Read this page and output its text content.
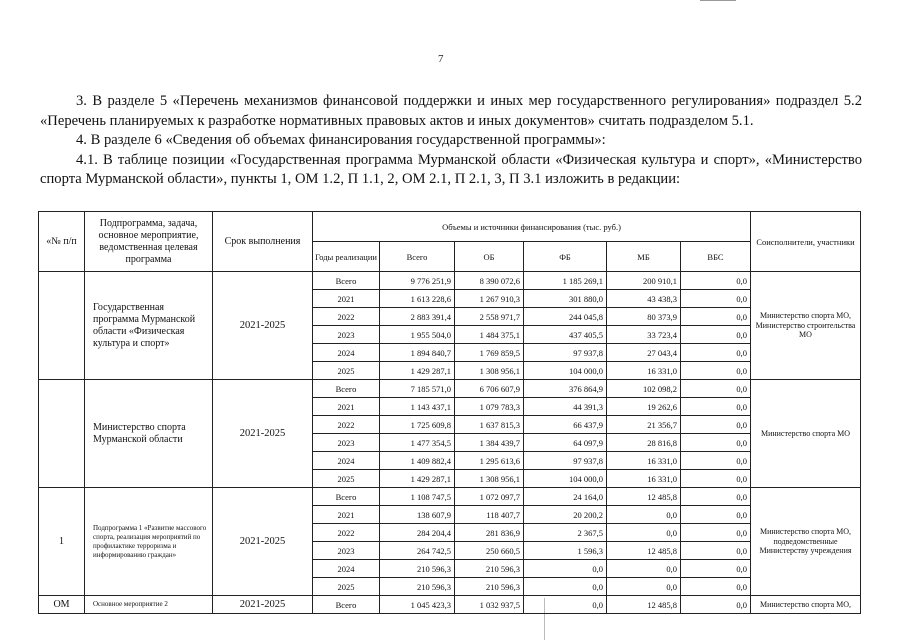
7

3. В разделе 5 «Перечень механизмов финансовой поддержки и иных мер государственного регулирования» подраздел 5.2 «Перечень планируемых к разработке нормативных правовых актов и иных документов» считать подразделом 5.1.

4. В разделе 6 «Сведения об объемах финансирования государственной программы»:

4.1. В таблице позиции «Государственная программа Мурманской области «Физическая культура и спорт», «Министерство спорта Мурманской области», пункты 1, ОМ 1.2, П 1.1, 2, ОМ 2.1, П 2.1, 3, П 3.1 изложить в редакции:

«№ п/п	Подпрограмма, задача, основное мероприятие, ведомственная целевая программа	Срок выполнения	Объемы и источники финансирования (тыс. руб.)						Соисполнители, участники
			Годы реализации	Всего	ОБ	ФБ	МБ	ВБС	
	Государственная программа Мурманской области «Физическая культура и спорт»	2021-2025	Всего	9 776 251,9	8 390 072,6	1 185 269,1	200 910,1	0,0	Министерство спорта МО, Министерство строительства МО
			2021	1 613 228,6	1 267 910,3	301 880,0	43 438,3	0,0	
			2022	2 883 391,4	2 558 971,7	244 045,8	80 373,9	0,0	
			2023	1 955 504,0	1 484 375,1	437 405,5	33 723,4	0,0	
			2024	1 894 840,7	1 769 859,5	97 937,8	27 043,4	0,0	
			2025	1 429 287,1	1 308 956,1	104 000,0	16 331,0	0,0	
	Министерство спорта Мурманской области	2021-2025	Всего	7 185 571,0	6 706 607,9	376 864,9	102 098,2	0,0	Министерство спорта МО
			2021	1 143 437,1	1 079 783,3	44 391,3	19 262,6	0,0	
			2022	1 725 609,8	1 637 815,3	66 437,9	21 356,7	0,0	
			2023	1 477 354,5	1 384 439,7	64 097,9	28 816,8	0,0	
			2024	1 409 882,4	1 295 613,6	97 937,8	16 331,0	0,0	
			2025	1 429 287,1	1 308 956,1	104 000,0	16 331,0	0,0	
1	Подпрограмма 1 «Развитие массового спорта, реализация мероприятий по профилактике терроризма и информированию граждан»	2021-2025	Всего	1 108 747,5	1 072 097,7	24 164,0	12 485,8	0,0	Министерство спорта МО, подведомственные Министерству учреждения
			2021	138 607,9	118 407,7	20 200,2	0,0	0,0	
			2022	284 204,4	281 836,9	2 367,5	0,0	0,0	
			2023	264 742,5	250 660,5	1 596,3	12 485,8	0,0	
			2024	210 596,3	210 596,3	0,0	0,0	0,0	
			2025	210 596,3	210 596,3	0,0	0,0	0,0	
ОМ	Основное мероприятие 2	2021-2025	Всего	1 045 423,3	1 032 937,5	0,0	12 485,8	0,0	Министерство спорта МО,
